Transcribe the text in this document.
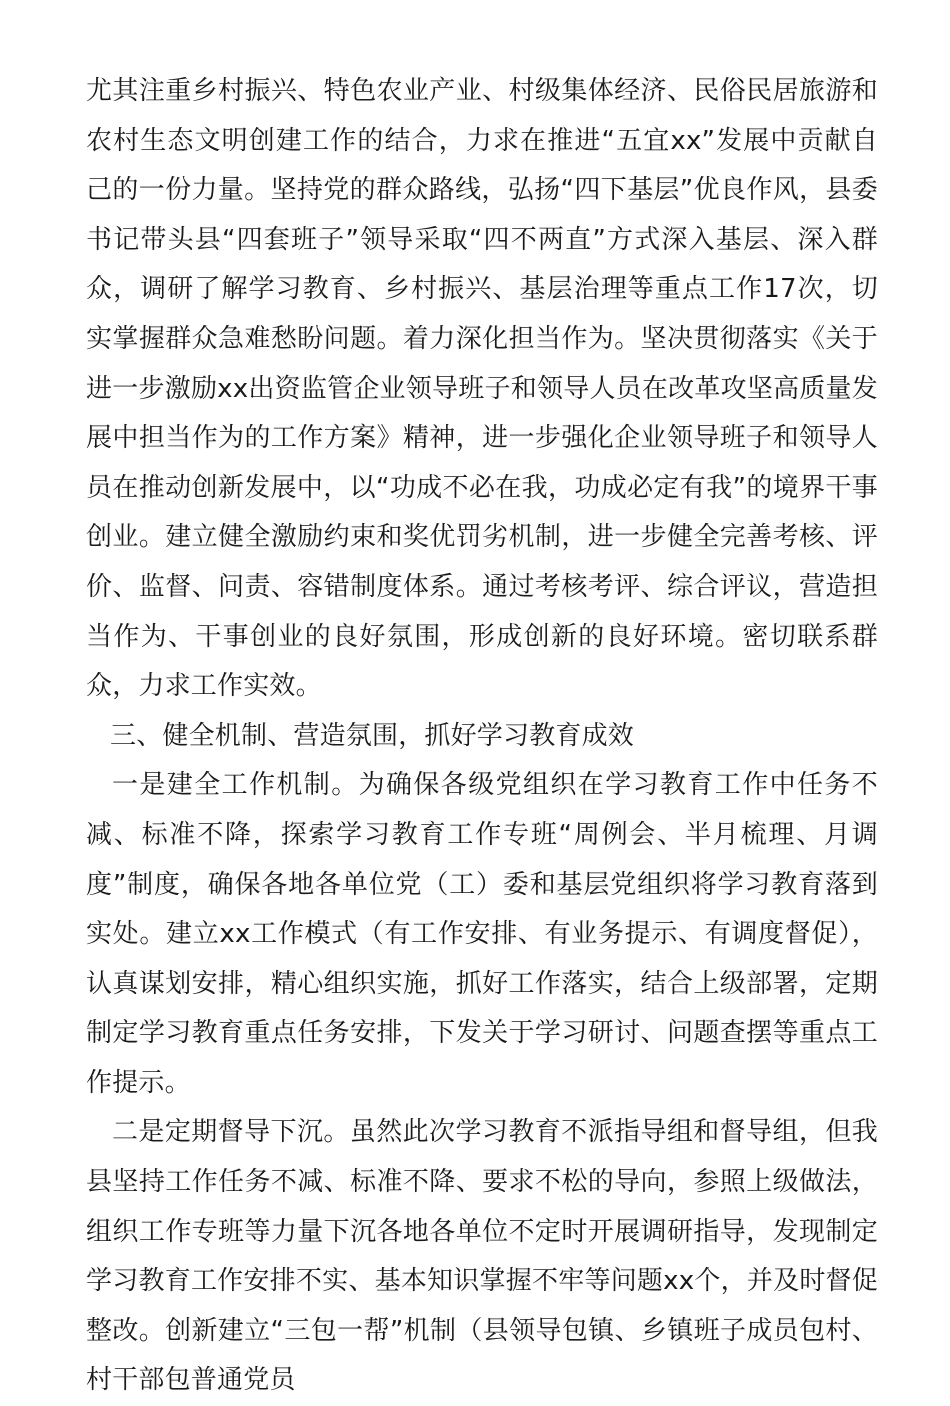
尤其注重乡村振兴、特色农业产业、村级集体经济、民俗民居旅游和农村生态文明创建工作的结合，力求在推进“五宜xx”发展中贡献自己的一份力量。坚持党的群众路线，弘扬“四下基层”优良作风，县委书记带头县“四套班子”领导采取“四不两直”方式深入基层、深入群众，调研了解学习教育、乡村振兴、基层治理等重点工作17次，切实掌握群众急难愁盼问题。着力深化担当作为。坚决贯彻落实《关于进一步激励xx出资监管企业领导班子和领导人员在改革攻坚高质量发展中担当作为的工作方案》精神，进一步强化企业领导班子和领导人员在推动创新发展中，以“功成不必在我，功成必定有我”的境界干事创业。建立健全激励约束和奖优罚劣机制，进一步健全完善考核、评价、监督、问责、容错制度体系。通过考核考评、综合评议，营造担当作为、干事创业的良好氛围，形成创新的良好环境。密切联系群众，力求工作实效。

三、健全机制、营造氛围，抓好学习教育成效

一是建全工作机制。为确保各级党组织在学习教育工作中任务不减、标准不降，探索学习教育工作专班“周例会、半月梳理、月调度”制度，确保各地各单位党（工）委和基层党组织将学习教育落到实处。建立xx工作模式（有工作安排、有业务提示、有调度督促），认真谋划安排，精心组织实施，抓好工作落实，结合上级部署，定期制定学习教育重点任务安排，下发关于学习研讨、问题查摆等重点工作提示。

二是定期督导下沉。虽然此次学习教育不派指导组和督导组，但我县坚持工作任务不减、标准不降、要求不松的导向，参照上级做法，组织工作专班等力量下沉各地各单位不定时开展调研指导，发现制定学习教育工作安排不实、基本知识掌握不牢等问题xx个，并及时督促整改。创新建立“三包一帮”机制（县领导包镇、乡镇班子成员包村、村干部包普通党员
